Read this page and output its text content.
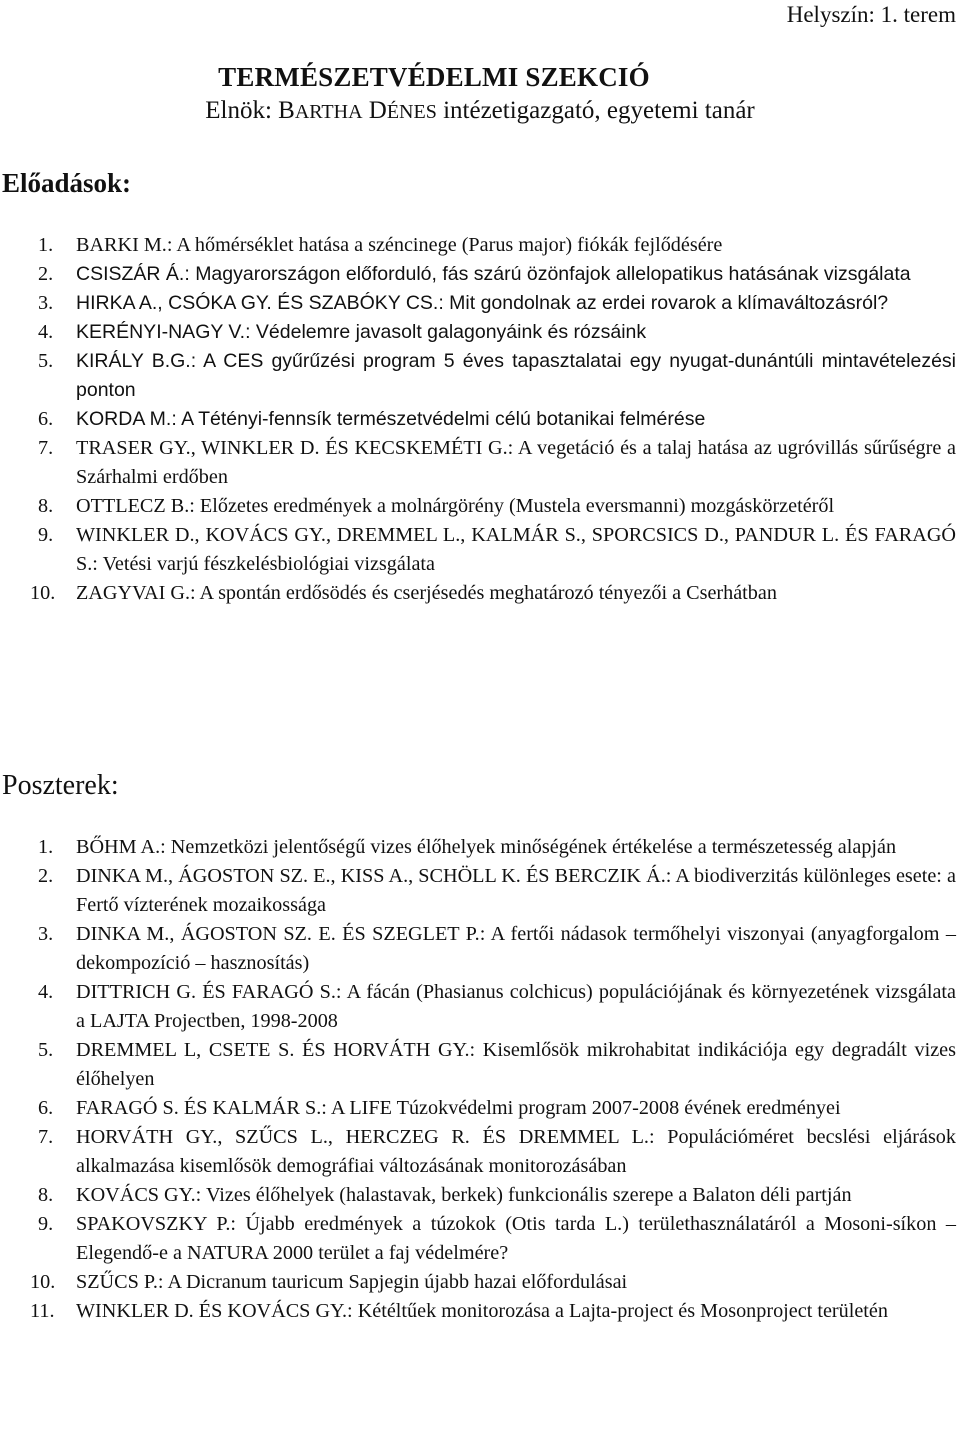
Helyszín: 1. terem
TERMÉSZETVÉDELMI SZEKCIÓ
Elnök: BARTHA DÉNES intézetigazgató, egyetemi tanár
Előadások:
1. BARKI M.: A hőmérséklet hatása a széncinege (Parus major) fiókák fejlődésére
2. CSISZÁR Á.: Magyarországon előforduló, fás szárú özönfajok allelopatikus hatásának vizsgálata
3. HIRKA A., CSÓKA GY. ÉS SZABÓKY CS.: Mit gondolnak az erdei rovarok a klímaváltozásról?
4. KERÉNYI-NAGY V.: Védelemre javasolt galagonyáink és rózsáink
5. KIRÁLY B.G.: A CES gyűrűzési program 5 éves tapasztalatai egy nyugat-dunántúli mintavételezési ponton
6. KORDA M.: A Tétényi-fennsík természetvédelmi célú botanikai felmérése
7. TRASER GY., WINKLER D. ÉS KECSKEMÉTI G.: A vegetáció és a talaj hatása az ugróvillás sűrűségre a Szárhalmi erdőben
8. OTTLECZ B.: Előzetes eredmények a molnárgörény (Mustela eversmanni) mozgáskörzetéről
9. WINKLER D., KOVÁCS GY., DREMMEL L., KALMÁR S., SPORCSICS D., PANDUR L. ÉS FARAGÓ S.: Vetési varjú fészkelésbiológiai vizsgálata
10. ZAGYVAI G.: A spontán erdősödés és cserjésedés meghatározó tényezői a Cserhátban
Poszterek:
1. BŐHM A.: Nemzetközi jelentőségű vizes élőhelyek minőségének értékelése a természetesség alapján
2. DINKA M., ÁGOSTON SZ. E., KISS A., SCHÖLL K. ÉS BERCZIK Á.: A biodiverzitás különleges esete: a Fertő vízterének mozaikossága
3. DINKA M., ÁGOSTON SZ. E. ÉS SZEGLET P.: A fertői nádasok termőhelyi viszonyai (anyagforgalom – dekompozíció – hasznosítás)
4. DITTRICH G. ÉS FARAGÓ S.: A fácán (Phasianus colchicus) populációjának és környezetének vizsgálata a LAJTA Projectben, 1998-2008
5. DREMMEL L, CSETE S. ÉS HORVÁTH GY.: Kisemlősök mikrohabitat indikációja egy degradált vizes élőhelyen
6. FARAGÓ S. ÉS KALMÁR S.: A LIFE Túzokvédelmi program 2007-2008 évének eredményei
7. HORVÁTH GY., SZŰCS L., HERCZEG R. ÉS DREMMEL L.: Populációméret becslési eljárások alkalmazása kisemlősök demográfiai változásának monitorozásában
8. KOVÁCS GY.: Vizes élőhelyek (halastavak, berkek) funkcionális szerepe a Balaton déli partján
9. SPAKOVSZKY P.: Újabb eredmények a túzokok (Otis tarda L.) területhasználatáról a Mosoni-síkon – Elegendő-e a NATURA 2000 terület a faj védelmére?
10. SZŰCS P.: A Dicranum tauricum Sapjegin újabb hazai előfordulásai
11. WINKLER D. ÉS KOVÁCS GY.: Kétéltűek monitorozása a Lajta-project és Mosonproject területén
